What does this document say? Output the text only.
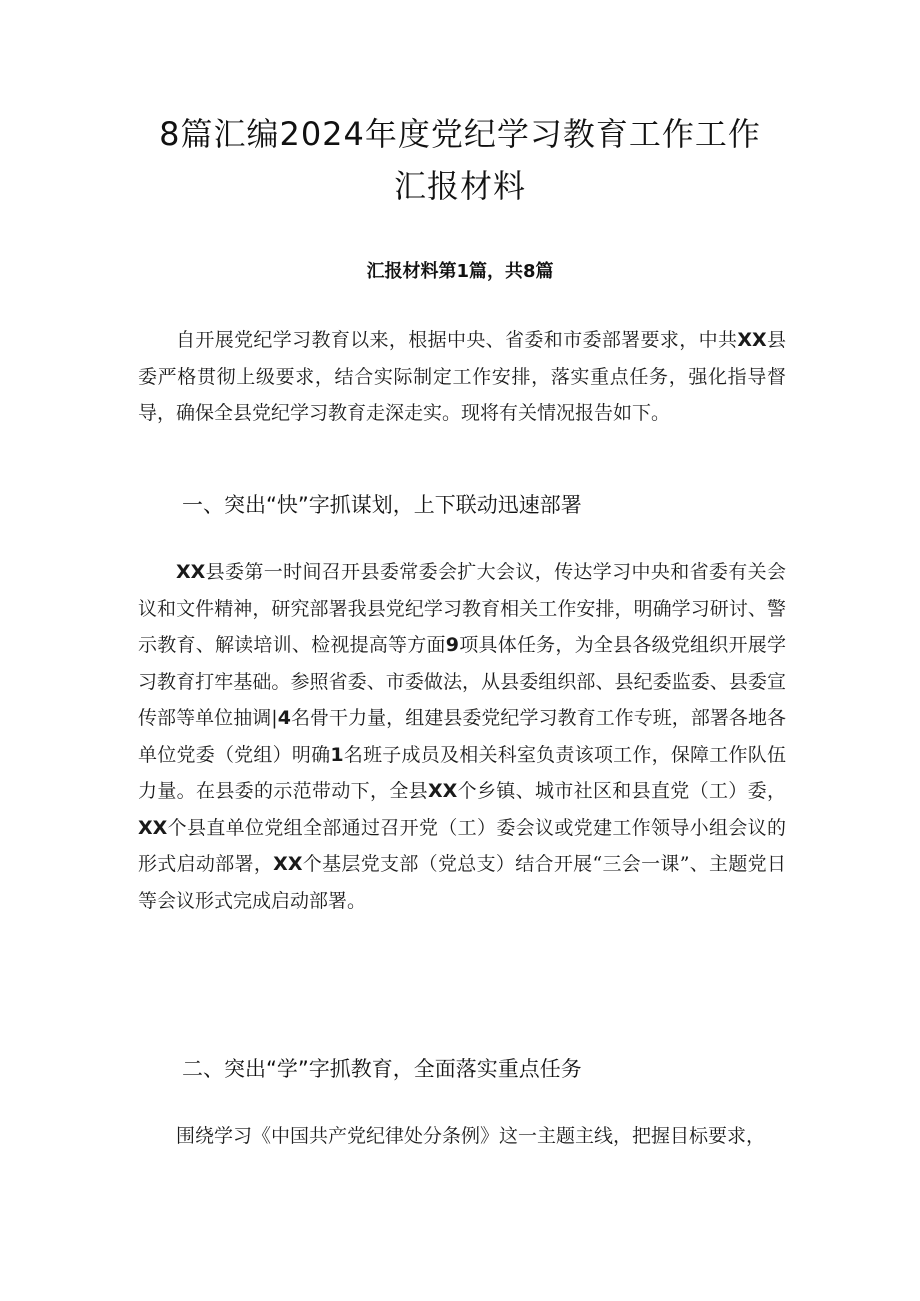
8篇汇编2024年度党纪学习教育工作工作
汇报材料

汇报材料第1篇，共8篇

自开展党纪学习教育以来，根据中央、省委和市委部署要求，中共XX县委严格贯彻上级要求，结合实际制定工作安排，落实重点任务，强化指导督导，确保全县党纪学习教育走深走实。现将有关情况报告如下。

一、突出“快”字抓谋划，上下联动迅速部署

XX县委第一时间召开县委常委会扩大会议，传达学习中央和省委有关会议和文件精神，研究部署我县党纪学习教育相关工作安排，明确学习研讨、警示教育、解读培训、检视提高等方面9项具体任务，为全县各级党组织开展学习教育打牢基础。参照省委、市委做法，从县委组织部、县纪委监委、县委宣传部等单位抽调|4名骨干力量，组建县委党纪学习教育工作专班，部署各地各单位党委（党组）明确1名班子成员及相关科室负责该项工作，保障工作队伍力量。在县委的示范带动下，全县XX个乡镇、城市社区和县直党（工）委，XX个县直单位党组全部通过召开党（工）委会议或党建工作领导小组会议的形式启动部署，XX个基层党支部（党总支）结合开展“三会一课”、主题党日等会议形式完成启动部署。

二、突出“学”字抓教育，全面落实重点任务

围绕学习《中国共产党纪律处分条例》这一主题主线，把握目标要求，
